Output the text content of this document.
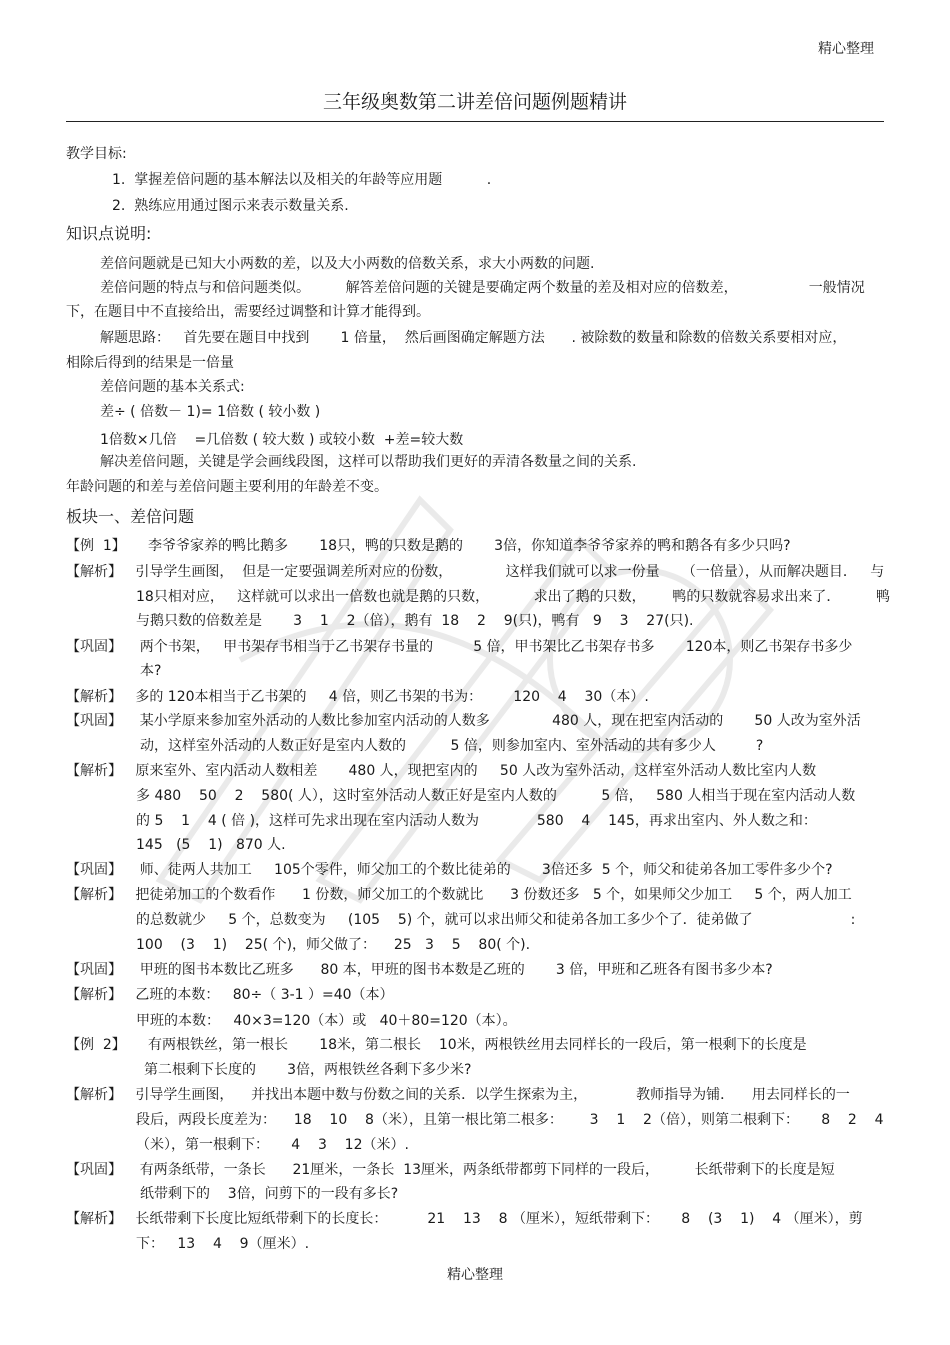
精心整理
三年级奥数第二讲差倍问题例题精讲
教学目标:
1.  掌握差倍问题的基本解法以及相关的年龄等应用题          .
2.  熟练应用通过图示来表示数量关系.
知识点说明:
差倍问题就是已知大小两数的差，以及大小两数的倍数关系，求大小两数的问题.
差倍问题的特点与和倍问题类似。        解答差倍问题的关键是要确定两个数量的差及相对应的倍数差，                一般情况
下，在题目中不直接给出，需要经过调整和计算才能得到。
解题思路：   首先要在题目中找到       1 倍量，  然后画图确定解题方法      . 被除数的数量和除数的倍数关系要相对应，
相除后得到的结果是一倍量
差倍问题的基本关系式:
差÷ ( 倍数－ 1)= 1倍数 ( 较小数 )
1倍数×几倍    =几倍数 ( 较大数 ) 或较小数  +差=较大数
解决差倍问题，关键是学会画线段图，这样可以帮助我们更好的弄清各数量之间的关系.
年龄问题的和差与差倍问题主要利用的年龄差不变。
板块一、差倍问题
【例  1】     李爷爷家养的鸭比鹅多       18只，鸭的只数是鹅的       3倍，你知道李爷爷家养的鸭和鹅各有多少只吗?
【解析】   引导学生画图，  但是一定要强调差所对应的份数，            这样我们就可以求一份量     （一倍量），从而解决题目．   与
18只相对应，   这样就可以求出一倍数也就是鹅的只数，          求出了鹅的只数，      鸭的只数就容易求出来了．        鸭
与鹅只数的倍数差是       3    1    2（倍），鹅有  18    2    9(只)，鸭有   9    3    27(只).
【巩固】    两个书架，   甲书架存书相当于乙书架存书量的         5 倍，甲书架比乙书架存书多       120本，则乙书架存书多少
本?
【解析】   多的 120本相当于乙书架的     4 倍，则乙书架的书为：       120    4    30（本）.
【巩固】    某小学原来参加室外活动的人数比参加室内活动的人数多              480 人，现在把室内活动的       50 人改为室外活
动，这样室外活动的人数正好是室内人数的          5 倍，则参加室内、室外活动的共有多少人         ?
【解析】   原来室外、室内活动人数相差       480 人，现把室内的     50 人改为室外活动，这样室外活动人数比室内人数
多 480    50    2    580( 人），这时室外活动人数正好是室内人数的          5 倍，   580 人相当于现在室内活动人数
的 5    1    4 ( 倍 )，这样可先求出现在室内活动人数为             580    4    145，再求出室内、外人数之和：
145   (5    1)   870 人.
【巩固】    师、徒两人共加工     105个零件，师父加工的个数比徒弟的       3倍还多  5 个，师父和徒弟各加工零件多少个?
【解析】   把徒弟加工的个数看作      1 份数，师父加工的个数就比      3 份数还多   5 个，如果师父少加工     5 个，两人加工
的总数就少     5 个，总数变为     (105    5) 个，就可以求出师父和徒弟各加工多少个了．徒弟做了                      :
100    (3    1)    25( 个)，师父做了：    25   3    5    80( 个).
【巩固】    甲班的图书本数比乙班多      80 本，甲班的图书本数是乙班的       3 倍，甲班和乙班各有图书多少本?
【解析】   乙班的本数：   80÷（ 3-1 ）=40（本）
甲班的本数：   40×3=120（本）或   40＋80=120（本）。
【例  2】     有两根铁丝，第一根长       18米，第二根长    10米，两根铁丝用去同样长的一段后，第一根剩下的长度是
第二根剩下长度的       3倍，两根铁丝各剩下多少米?
【解析】   引导学生画图，    并找出本题中数与份数之间的关系．以学生探索为主，           教师指导为铺．    用去同样长的一
段后，两段长度差为：    18    10    8（米），且第一根比第二根多：      3    1    2（倍），则第二根剩下：     8    2    4
（米），第一根剩下：     4    3    12（米）.
【巩固】    有两条纸带，一条长      21厘米，一条长  13厘米，两条纸带都剪下同样的一段后，        长纸带剩下的长度是短
纸带剩下的    3倍，问剪下的一段有多长?
【解析】   长纸带剩下长度比短纸带剩下的长度长：         21    13    8 （厘米），短纸带剩下：     8    (3    1)    4 （厘米），剪
下：   13    4    9（厘米）.
精心整理
